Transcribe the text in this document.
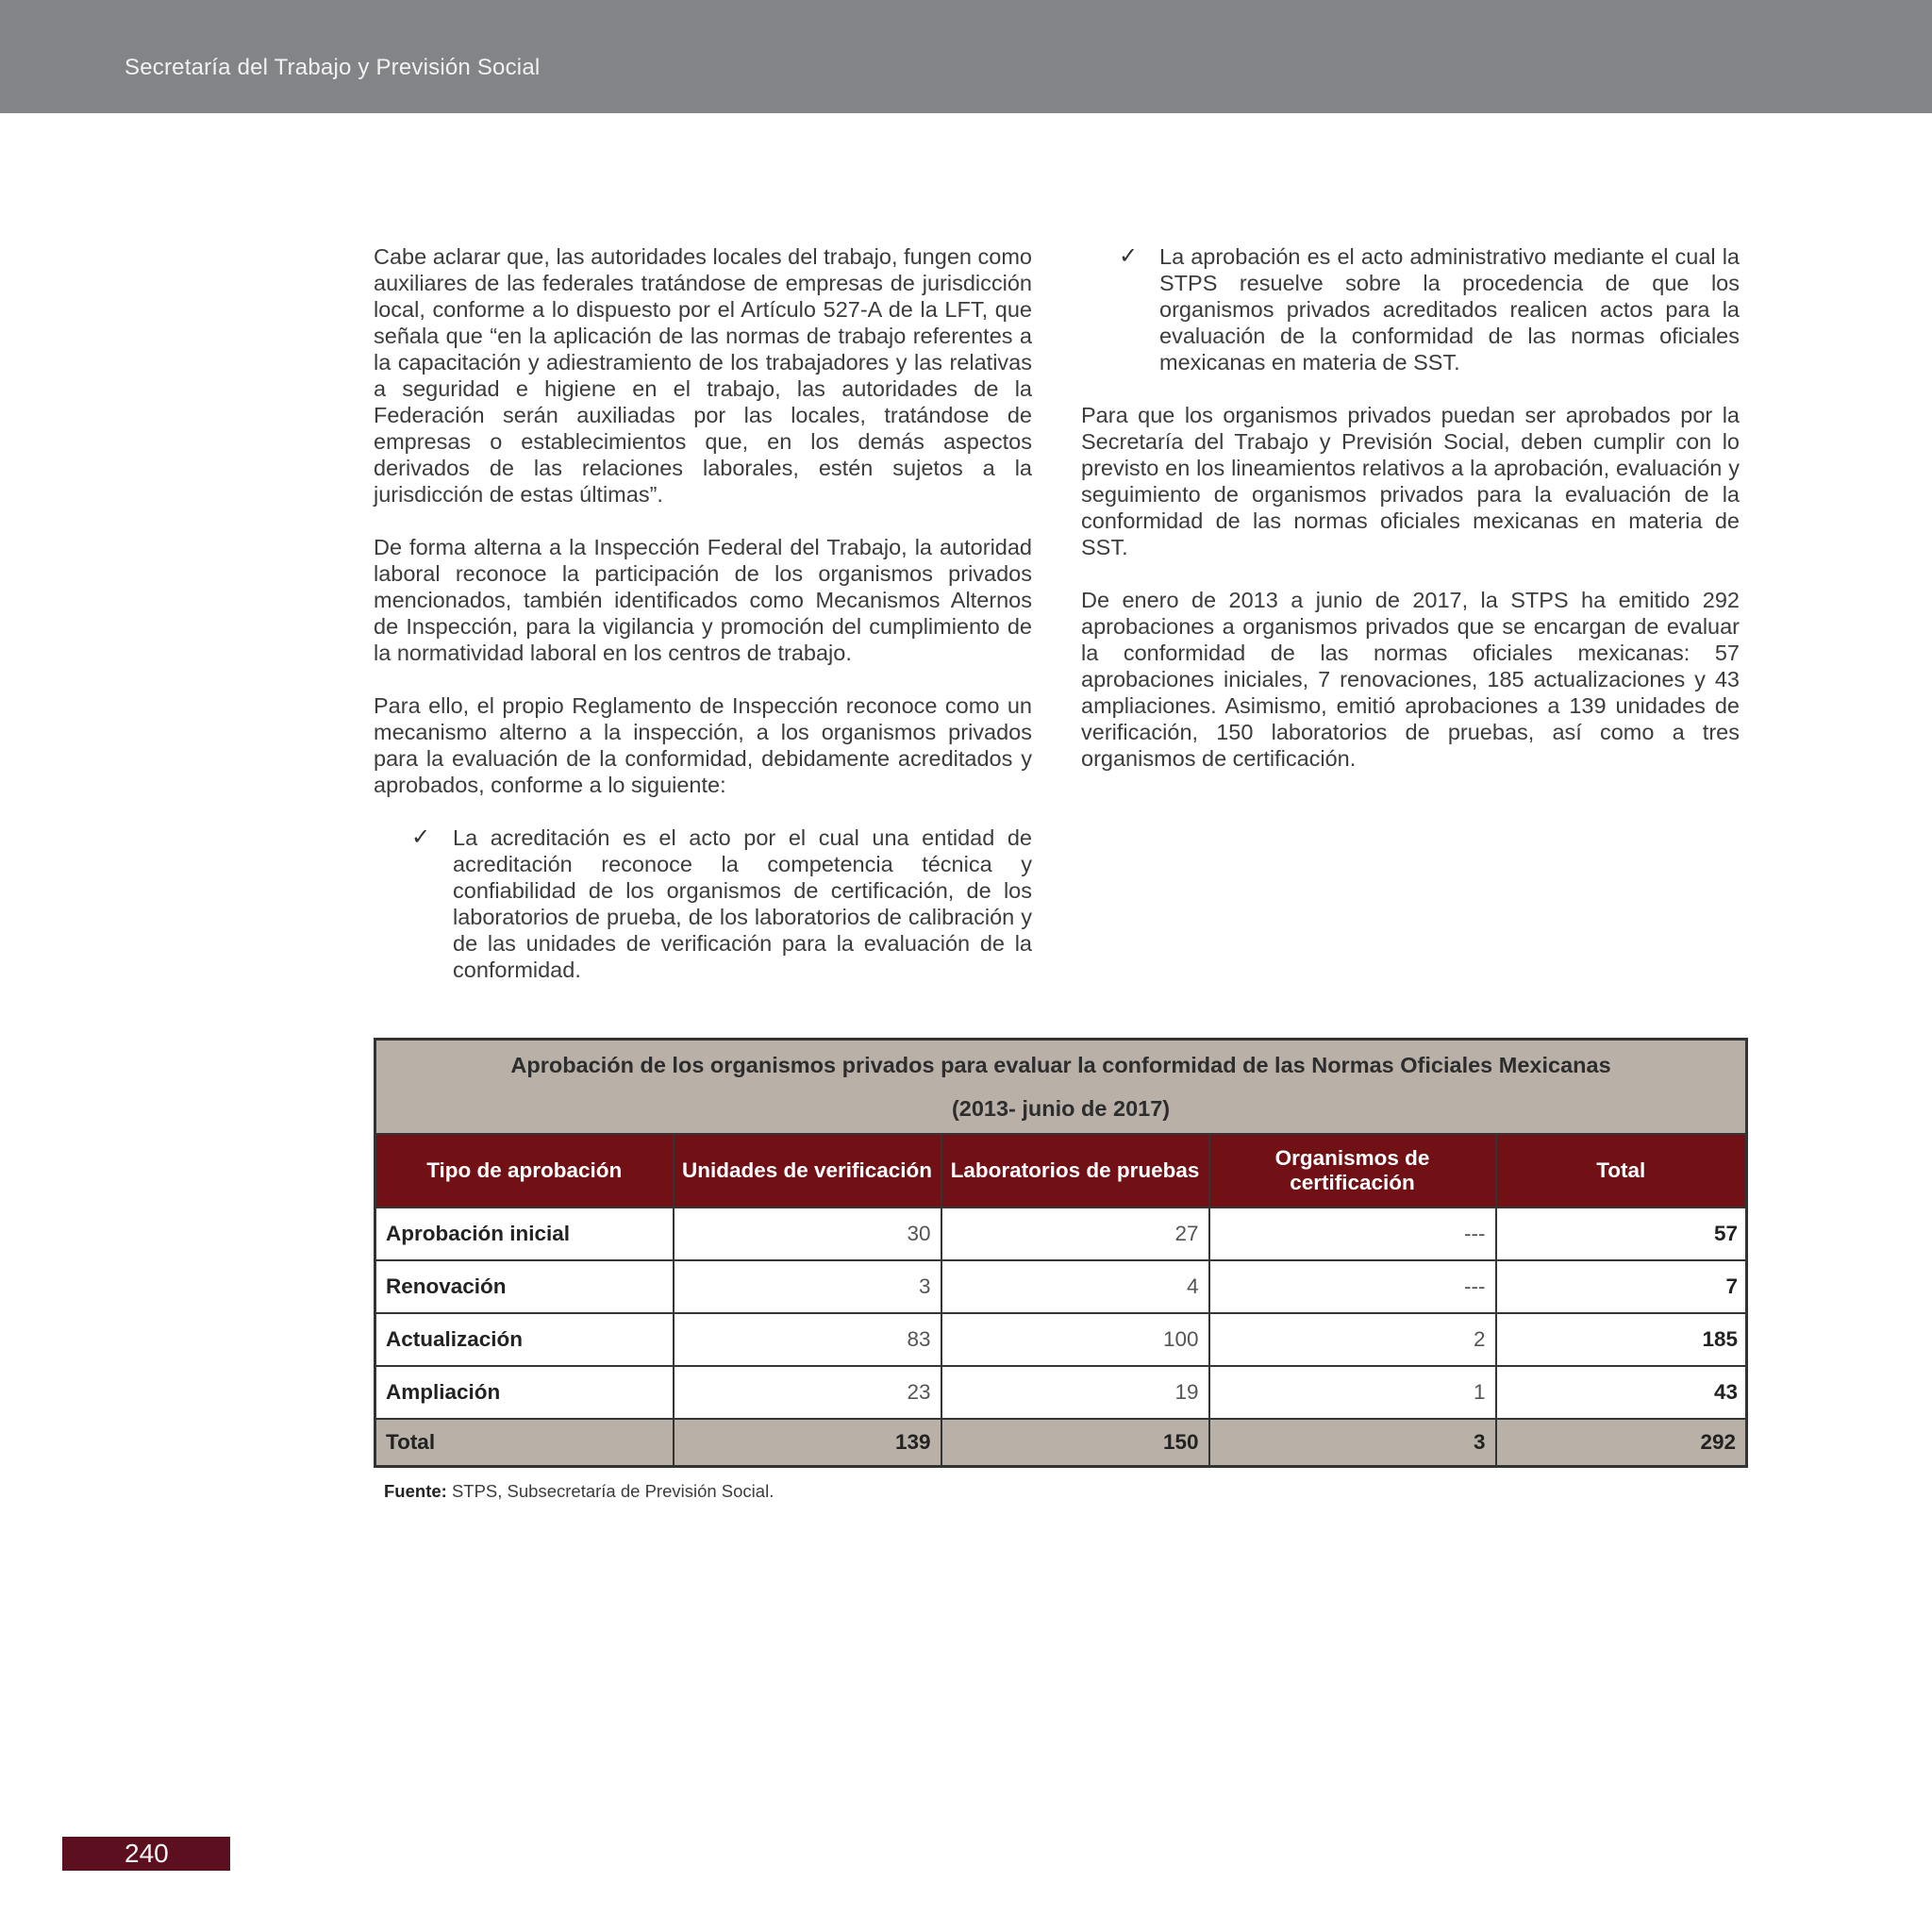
Secretaría del Trabajo y Previsión Social

Cabe aclarar que, las autoridades locales del trabajo, fungen como auxiliares de las federales tratándose de empresas de jurisdicción local, conforme a lo dispuesto por el Artículo 527-A de la LFT, que señala que “en la aplicación de las normas de trabajo referentes a la capacitación y adiestramiento de los trabajadores y las relativas a seguridad e higiene en el trabajo, las autoridades de la Federación serán auxiliadas por las locales, tratándose de empresas o establecimientos que, en los demás aspectos derivados de las relaciones laborales, estén sujetos a la jurisdicción de estas últimas”.

De forma alterna a la Inspección Federal del Trabajo, la autoridad laboral reconoce la participación de los organismos privados mencionados, también identificados como Mecanismos Alternos de Inspección, para la vigilancia y promoción del cumplimiento de la normatividad laboral en los centros de trabajo.

Para ello, el propio Reglamento de Inspección reconoce como un mecanismo alterno a la inspección, a los organismos privados para la evaluación de la conformidad, debidamente acreditados y aprobados, conforme a lo siguiente:

✓ La acreditación es el acto por el cual una entidad de acreditación reconoce la competencia técnica y confiabilidad de los organismos de certificación, de los laboratorios de prueba, de los laboratorios de calibración y de las unidades de verificación para la evaluación de la conformidad.
✓ La aprobación es el acto administrativo mediante el cual la STPS resuelve sobre la procedencia de que los organismos privados acreditados realicen actos para la evaluación de la conformidad de las normas oficiales mexicanas en materia de SST.

Para que los organismos privados puedan ser aprobados por la Secretaría del Trabajo y Previsión Social, deben cumplir con lo previsto en los lineamientos relativos a la aprobación, evaluación y seguimiento de organismos privados para la evaluación de la conformidad de las normas oficiales mexicanas en materia de SST.

De enero de 2013 a junio de 2017, la STPS ha emitido 292 aprobaciones a organismos privados que se encargan de evaluar la conformidad de las normas oficiales mexicanas: 57 aprobaciones iniciales, 7 renovaciones, 185 actualizaciones y 43 ampliaciones. Asimismo, emitió aprobaciones a 139 unidades de verificación, 150 laboratorios de pruebas, así como a tres organismos de certificación.

Aprobación de los organismos privados para evaluar la conformidad de las Normas Oficiales Mexicanas
(2013- junio de 2017)				

Tipo de aprobación	Unidades de verificación	Laboratorios de pruebas	Organismos de certificación	Total
Aprobación inicial	30	27	---	57
Renovación	3	4	---	7
Actualización	83	100	2	185
Ampliación	23	19	1	43
Total	139	150	3	292
Fuente: STPS, Subsecretaría de Previsión Social.
240
